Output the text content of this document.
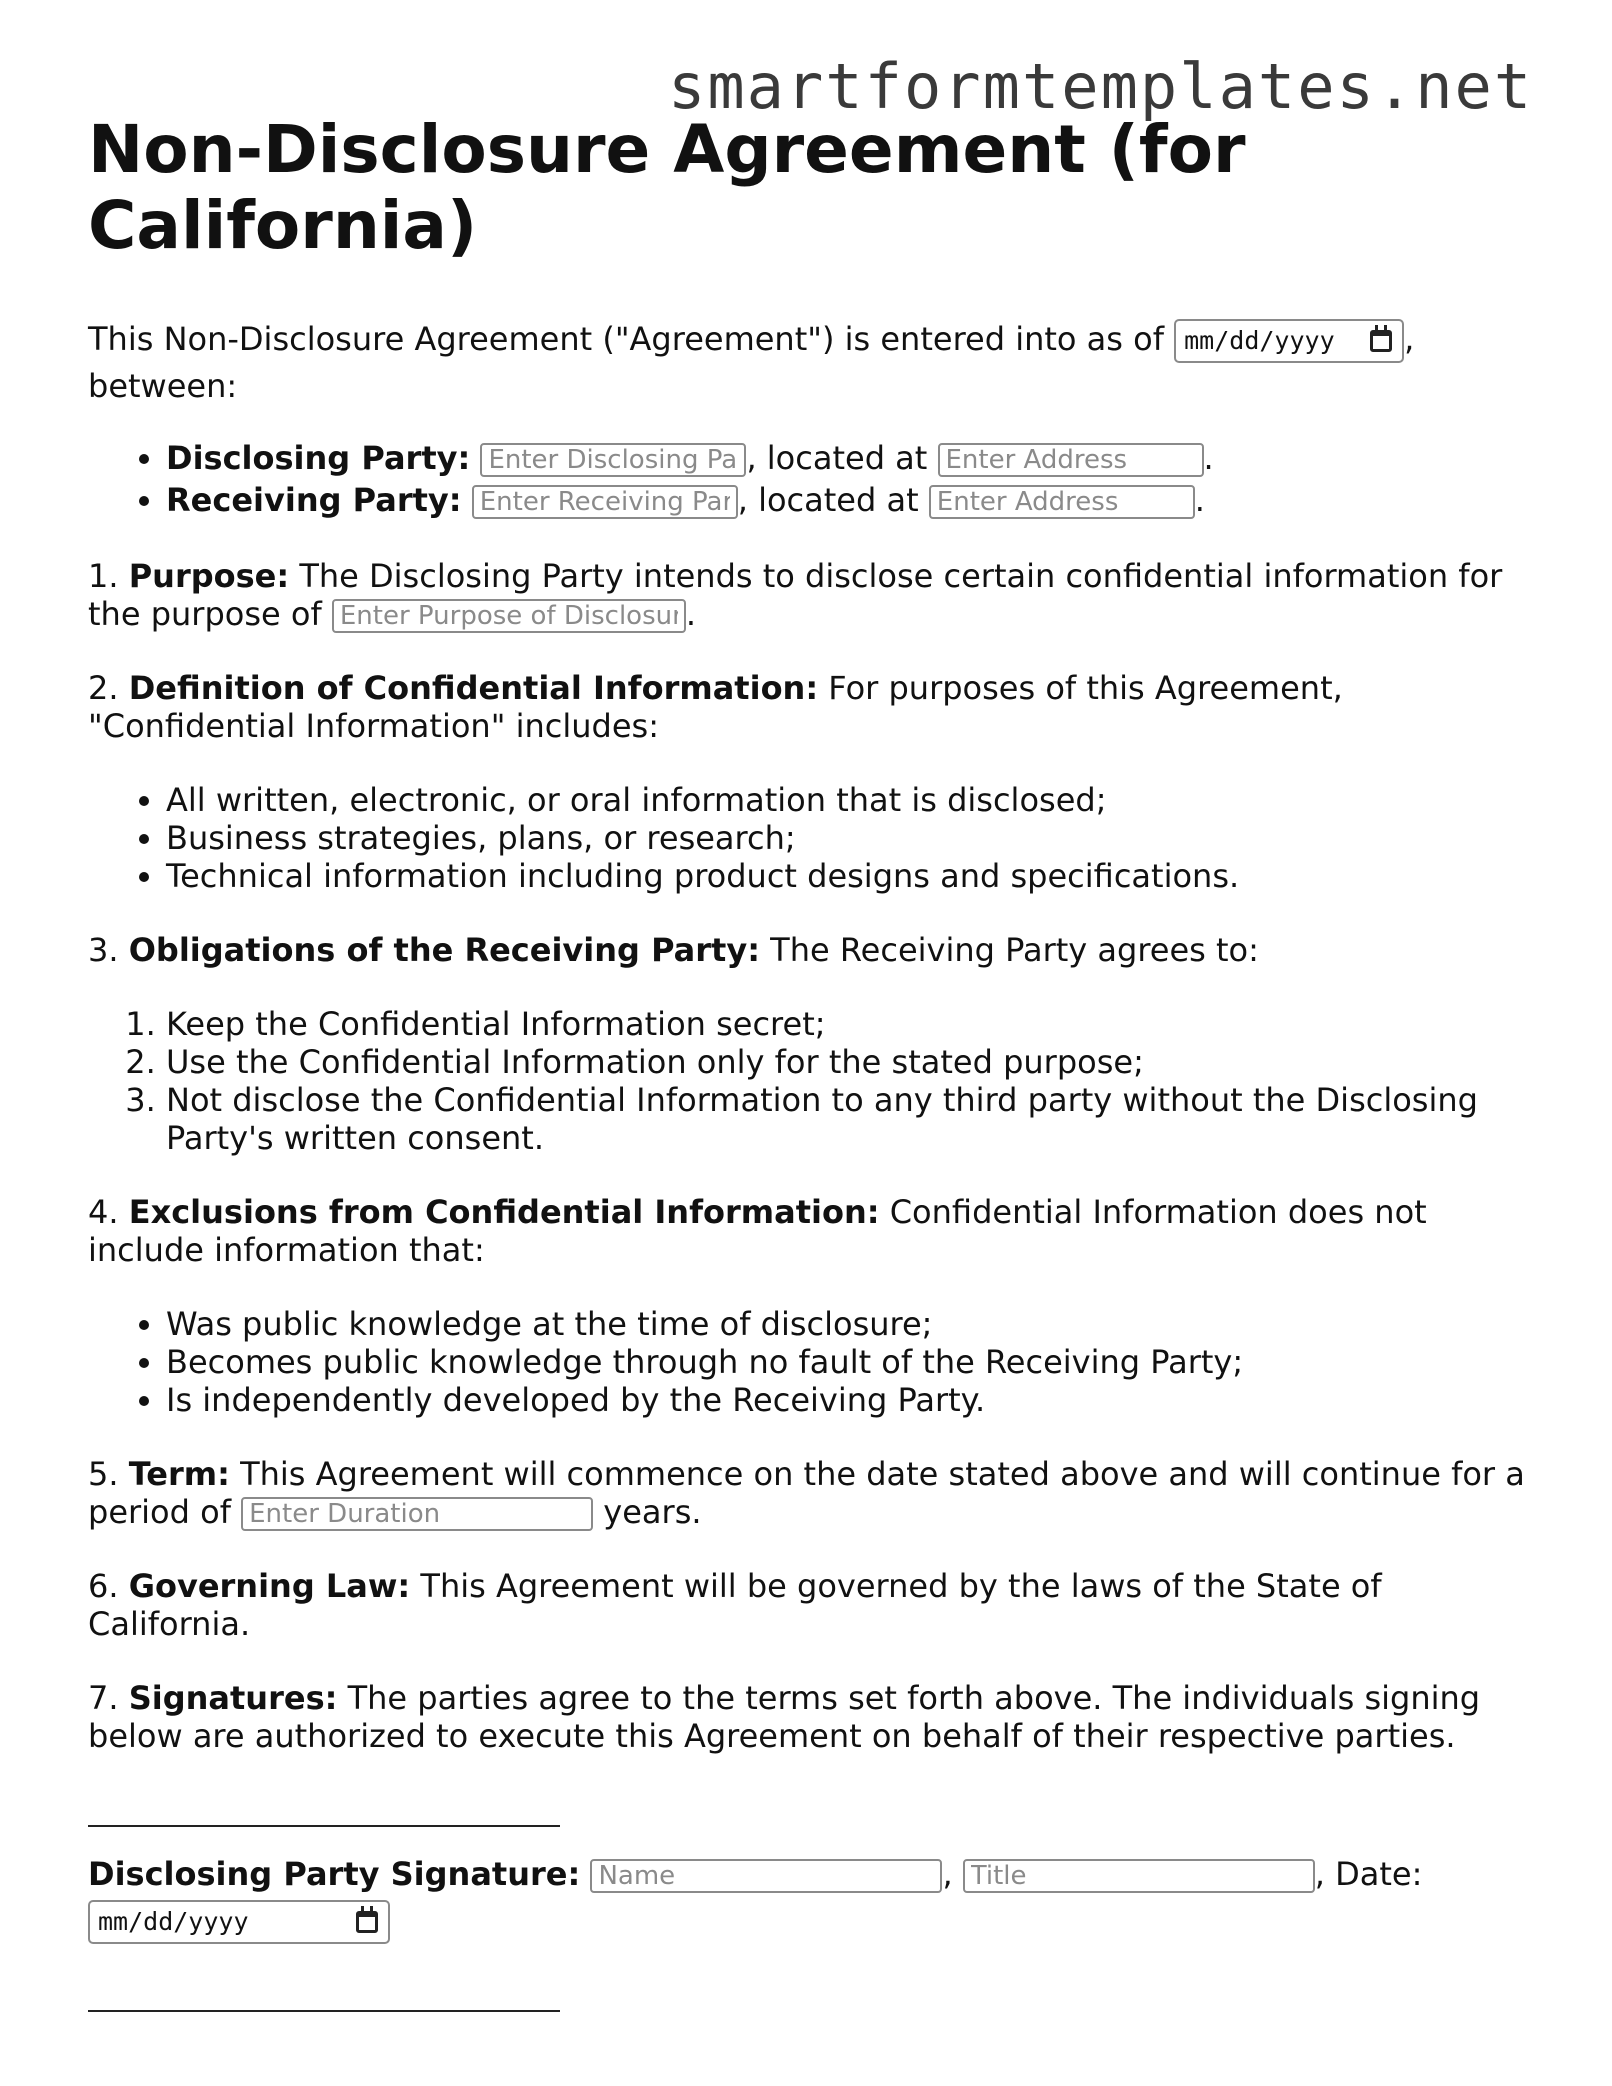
smartformtemplates.net
Non-Disclosure Agreement (for California)

This Non-Disclosure Agreement ("Agreement") is entered into as of mm/dd/yyyy , between:

• Disclosing Party: Enter Disclosing Party's Na	, located at Enter Address	.
• Receiving Party: Enter Receiving Party's Na	, located at Enter Address	.

1. Purpose: The Disclosing Party intends to disclose certain confidential information for the purpose of Enter Purpose of Disclosur	.

2. Definition of Confidential Information: For purposes of this Agreement, "Confidential Information" includes:

• All written, electronic, or oral information that is disclosed;
• Business strategies, plans, or research;
• Technical information including product designs and specifications.

3. Obligations of the Receiving Party: The Receiving Party agrees to:

1. Keep the Confidential Information secret;
2. Use the Confidential Information only for the stated purpose;
3. Not disclose the Confidential Information to any third party without the Disclosing Party's written consent.

4. Exclusions from Confidential Information: Confidential Information does not include information that:

• Was public knowledge at the time of disclosure;
• Becomes public knowledge through no fault of the Receiving Party;
• Is independently developed by the Receiving Party.

5. Term: This Agreement will commence on the date stated above and will continue for a period of Enter Duration	years.

6. Governing Law: This Agreement will be governed by the laws of the State of California.

7. Signatures: The parties agree to the terms set forth above. The individuals signing below are authorized to execute this Agreement on behalf of their respective parties.

Disclosing Party Signature: Name	, Title	, Date:

mm/dd/yyyy
